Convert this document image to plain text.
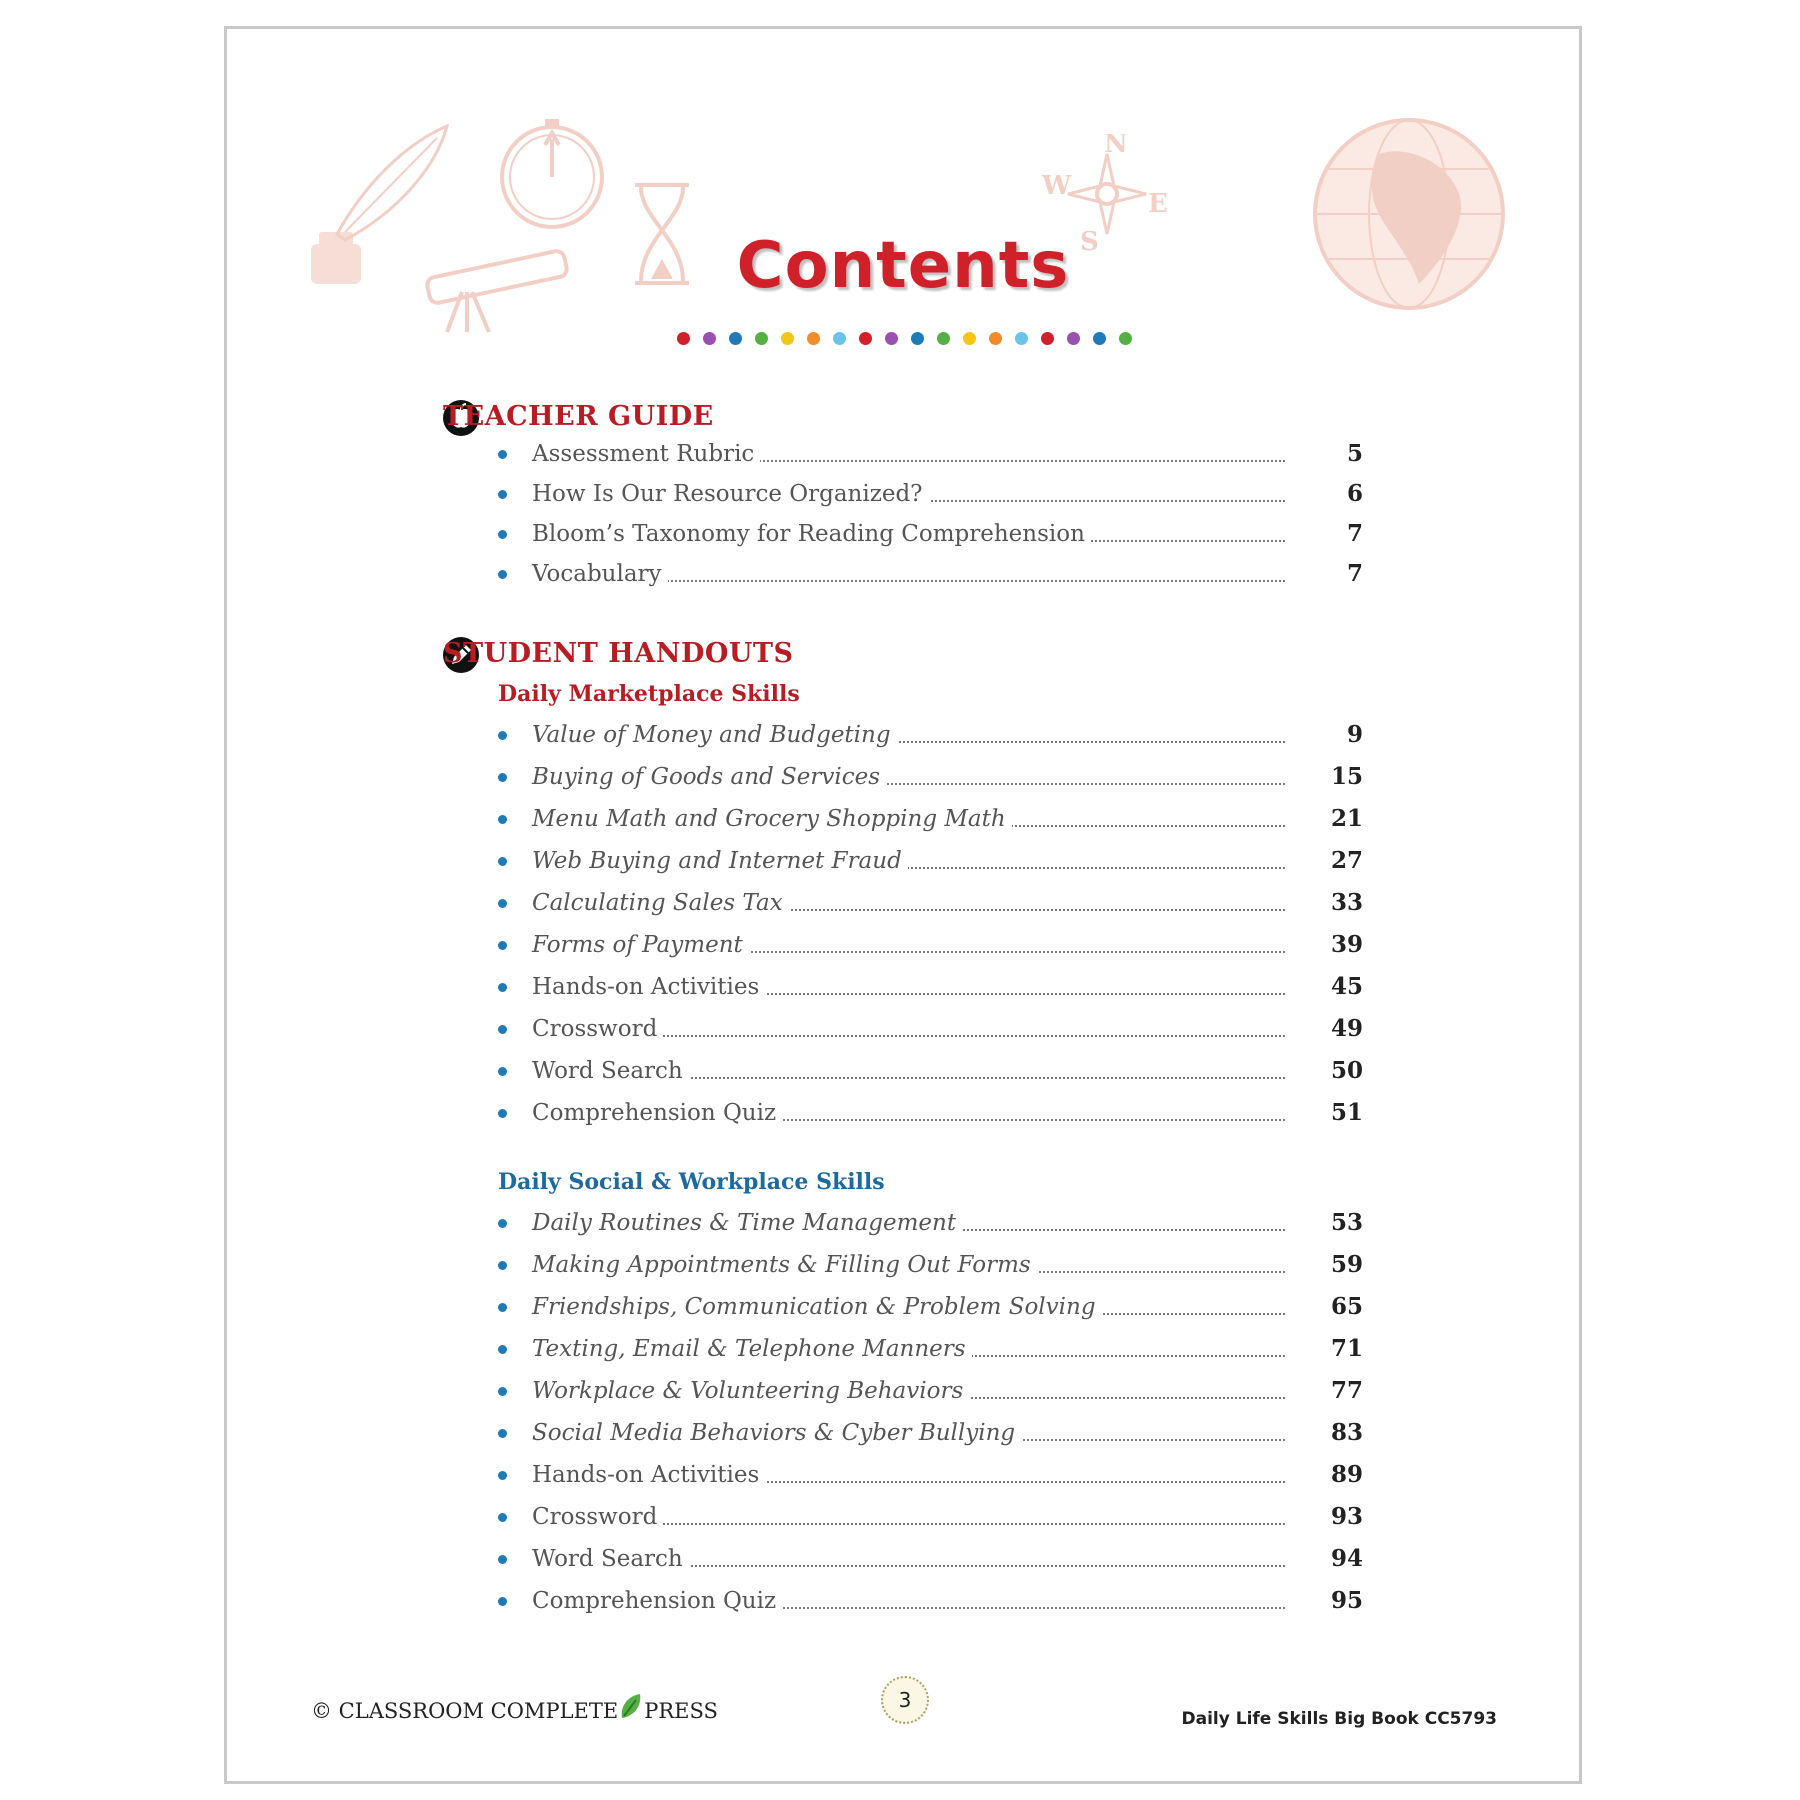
N
W
E
S
Contents
TEACHER GUIDE
Assessment Rubric	5
How Is Our Resource Organized?	6
Bloom’s Taxonomy for Reading Comprehension	7
Vocabulary	7
STUDENT HANDOUTS
Daily Marketplace Skills
Value of Money and Budgeting	9
Buying of Goods and Services	15
Menu Math and Grocery Shopping Math	21
Web Buying and Internet Fraud	27
Calculating Sales Tax	33
Forms of Payment	39
Hands-on Activities	45
Crossword	49
Word Search	50
Comprehension Quiz	51
Daily Social & Workplace Skills
Daily Routines & Time Management	53
Making Appointments & Filling Out Forms	59
Friendships, Communication & Problem Solving	65
Texting, Email & Telephone Manners	71
Workplace & Volunteering Behaviors	77
Social Media Behaviors & Cyber Bullying	83
Hands-on Activities	89
Crossword	93
Word Search	94
Comprehension Quiz	95
© CLASSROOM COMPLETE PRESS	3
Daily Life Skills Big Book CC5793
